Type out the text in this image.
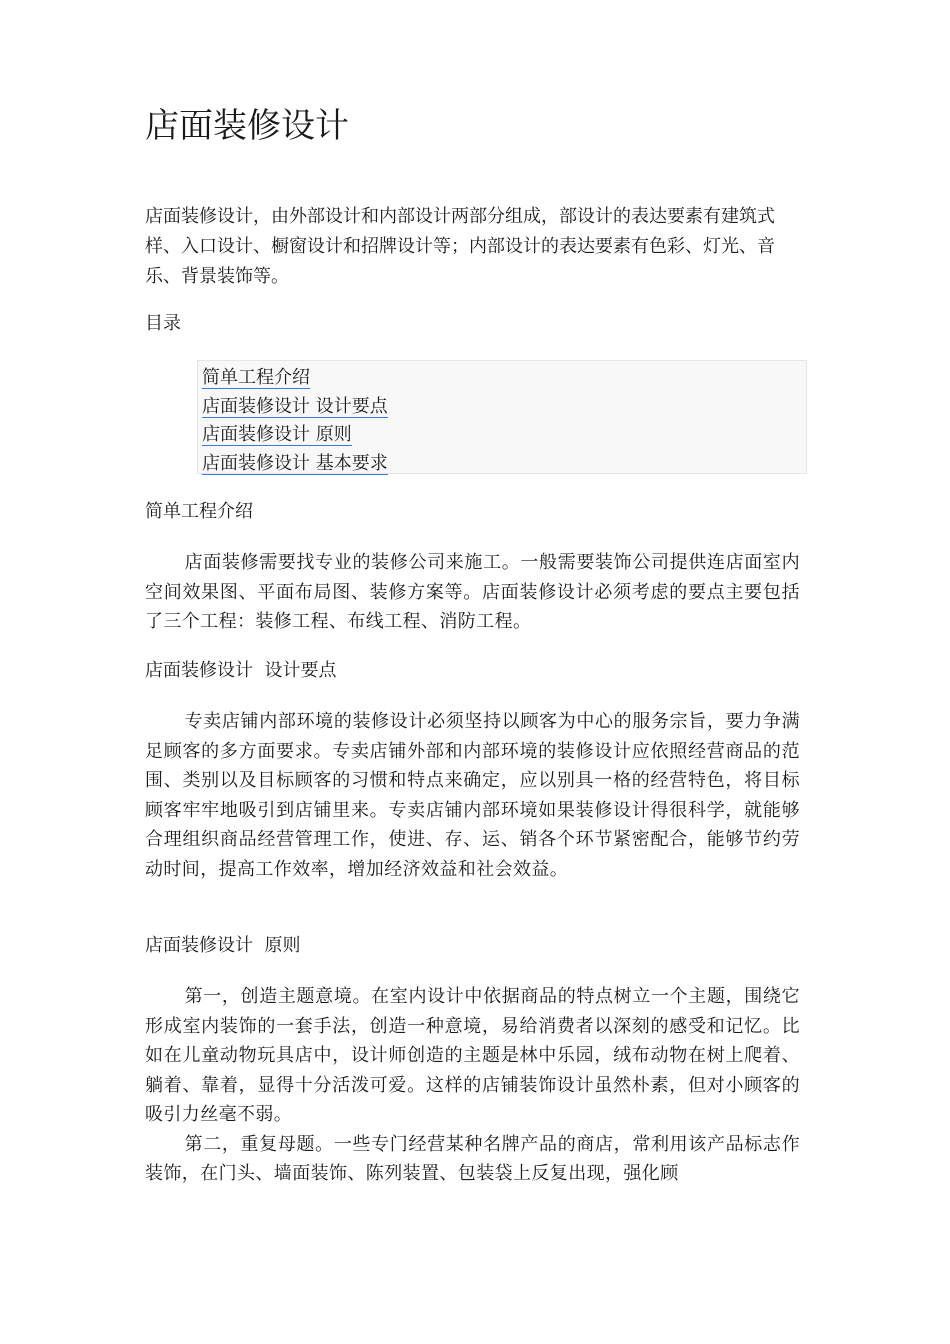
店面装修设计

店面装修设计，由外部设计和内部设计两部分组成，部设计的表达要素有建筑式样、入口设计、橱窗设计和招牌设计等；内部设计的表达要素有色彩、灯光、音乐、背景装饰等。

目录

简单工程介绍
店面装修设计 设计要点
店面装修设计 原则
店面装修设计 基本要求
简单工程介绍

店面装修需要找专业的装修公司来施工。一般需要装饰公司提供连店面室内空间效果图、平面布局图、装修方案等。店面装修设计必须考虑的要点主要包括了三个工程：装修工程、布线工程、消防工程。

店面装修设计  设计要点

专卖店铺内部环境的装修设计必须坚持以顾客为中心的服务宗旨，要力争满足顾客的多方面要求。专卖店铺外部和内部环境的装修设计应依照经营商品的范围、类别以及目标顾客的习惯和特点来确定，应以别具一格的经营特色，将目标顾客牢牢地吸引到店铺里来。专卖店铺内部环境如果装修设计得很科学，就能够合理组织商品经营管理工作，使进、存、运、销各个环节紧密配合，能够节约劳动时间，提高工作效率，增加经济效益和社会效益。

店面装修设计  原则

第一，创造主题意境。在室内设计中依据商品的特点树立一个主题，围绕它形成室内装饰的一套手法，创造一种意境，易给消费者以深刻的感受和记忆。比如在儿童动物玩具店中，设计师创造的主题是林中乐园，绒布动物在树上爬着、躺着、靠着，显得十分活泼可爱。这样的店铺装饰设计虽然朴素，但对小顾客的吸引力丝毫不弱。

第二，重复母题。一些专门经营某种名牌产品的商店，常利用该产品标志作装饰，在门头、墙面装饰、陈列装置、包装袋上反复出现，强化顾
